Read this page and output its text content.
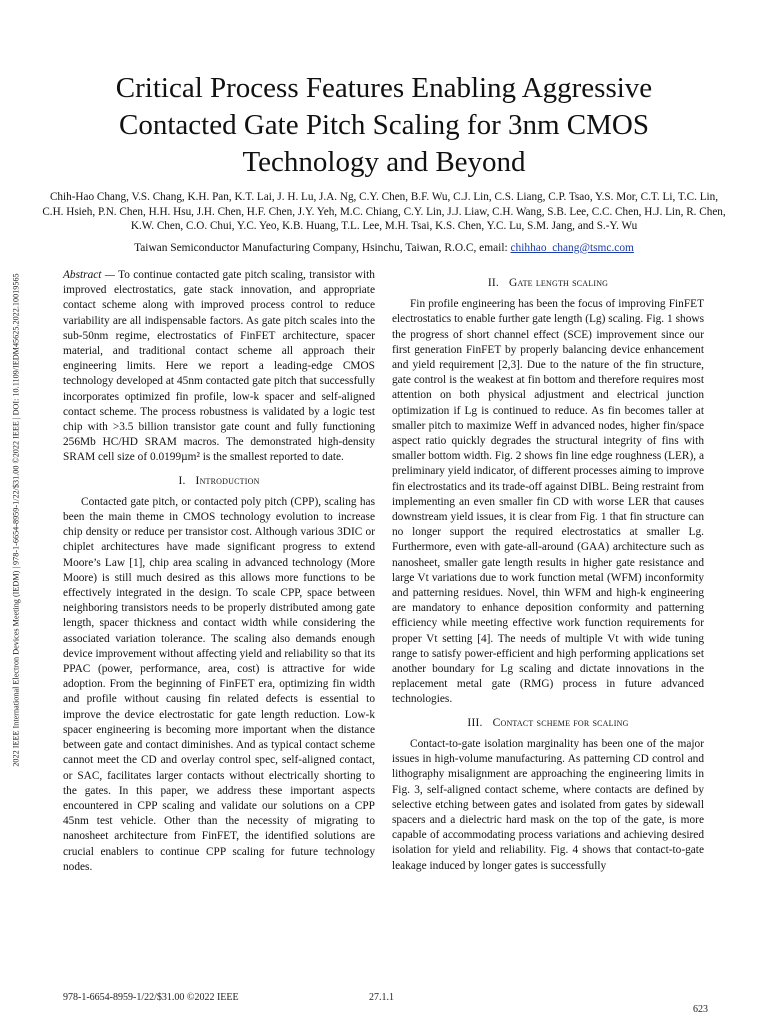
2022 IEEE International Electron Devices Meeting (IEDM) | 978-1-6654-8959-1/22/$31.00 ©2022 IEEE | DOI: 10.1109/IEDM45625.2022.10019565
Critical Process Features Enabling Aggressive Contacted Gate Pitch Scaling for 3nm CMOS Technology and Beyond

Chih-Hao Chang, V.S. Chang, K.H. Pan, K.T. Lai, J. H. Lu, J.A. Ng, C.Y. Chen, B.F. Wu, C.J. Lin, C.S. Liang, C.P. Tsao, Y.S. Mor, C.T. Li, T.C. Lin, C.H. Hsieh, P.N. Chen, H.H. Hsu, J.H. Chen, H.F. Chen, J.Y. Yeh, M.C. Chiang, C.Y. Lin, J.J. Liaw, C.H. Wang, S.B. Lee, C.C. Chen, H.J. Lin, R. Chen, K.W. Chen, C.O. Chui, Y.C. Yeo, K.B. Huang, T.L. Lee, M.H. Tsai, K.S. Chen, Y.C. Lu, S.M. Jang, and S.-Y. Wu

Taiwan Semiconductor Manufacturing Company, Hsinchu, Taiwan, R.O.C, email: chihhao_chang@tsmc.com

Abstract — To continue contacted gate pitch scaling, transistor with improved electrostatics, gate stack innovation, and appropriate contact scheme along with improved process control to reduce variability are all indispensable factors. As gate pitch scales into the sub-50nm regime, electrostatics of FinFET architecture, spacer material, and traditional contact scheme all approach their engineering limits. Here we report a leading-edge CMOS technology developed at 45nm contacted gate pitch that successfully incorporates optimized fin profile, low-k spacer and self-aligned contact scheme. The process robustness is validated by a logic test chip with >3.5 billion transistor gate count and fully functioning 256Mb HC/HD SRAM macros. The demonstrated high-density SRAM cell size of 0.0199µm² is the smallest reported to date.

I. Introduction

Contacted gate pitch, or contacted poly pitch (CPP), scaling has been the main theme in CMOS technology evolution to increase chip density or reduce per transistor cost. Although various 3DIC or chiplet architectures have made significant progress to extend Moore’s Law [1], chip area scaling in advanced technology (More Moore) is still much desired as this allows more functions to be effectively integrated in the design. To scale CPP, space between neighboring transistors needs to be properly distributed among gate length, spacer thickness and contact width while considering the associated variation tolerance. The scaling also demands enough device improvement without affecting yield and reliability so that its PPAC (power, performance, area, cost) is attractive for wide adoption. From the beginning of FinFET era, optimizing fin width and profile without causing fin related defects is essential to improve the device electrostatic for gate length reduction. Low-k spacer engineering is becoming more important when the distance between gate and contact diminishes. And as typical contact scheme cannot meet the CD and overlay control spec, self-aligned contact, or SAC, facilitates larger contacts without electrically shorting to the gates. In this paper, we address these important aspects encountered in CPP scaling and validate our solutions on a CPP 45nm test vehicle. Other than the necessity of migrating to nanosheet architecture from FinFET, the identified solutions are crucial enablers to continue CPP scaling for future technology nodes.

II. Gate length scaling

Fin profile engineering has been the focus of improving FinFET electrostatics to enable further gate length (Lg) scaling. Fig. 1 shows the progress of short channel effect (SCE) improvement since our first generation FinFET by properly balancing device enhancement and yield requirement [2,3]. Due to the nature of the fin structure, gate control is the weakest at fin bottom and therefore requires most attention on both physical adjustment and electrical junction optimization if Lg is continued to reduce. As fin becomes taller at smaller pitch to maximize Weff in advanced nodes, higher fin/space aspect ratio quickly degrades the structural integrity of fins with smaller bottom width. Fig. 2 shows fin line edge roughness (LER), a preliminary yield indicator, of different processes aiming to improve fin electrostatics and its trade-off against DIBL. Being restraint from implementing an even smaller fin CD with worse LER that causes downstream yield issues, it is clear from Fig. 1 that fin structure can no longer support the required electrostatics at smaller Lg. Furthermore, even with gate-all-around (GAA) architecture such as nanosheet, smaller gate length results in higher gate resistance and large Vt variations due to work function metal (WFM) inconformity and patterning residues. Novel, thin WFM and high-k engineering are mandatory to enhance deposition conformity and patterning efficiency while meeting effective work function requirements for proper Vt setting [4]. The needs of multiple Vt with wide tuning range to satisfy power-efficient and high performing applications set another boundary for Lg scaling and dictate innovations in the replacement metal gate (RMG) process in future advanced technologies.

III. Contact scheme for scaling

Contact-to-gate isolation marginality has been one of the major issues in high-volume manufacturing. As patterning CD control and lithography misalignment are approaching the engineering limits in Fig. 3, self-aligned contact scheme, where contacts are defined by selective etching between gates and isolated from gates by sidewall spacers and a dielectric hard mask on the top of the gate, is more capable of accommodating process variations and achieving desired isolation for yield and reliability. Fig. 4 shows that contact-to-gate leakage induced by longer gates is successfully

978-1-6654-8959-1/22/$31.00 ©2022 IEEE	27.1.1
623
